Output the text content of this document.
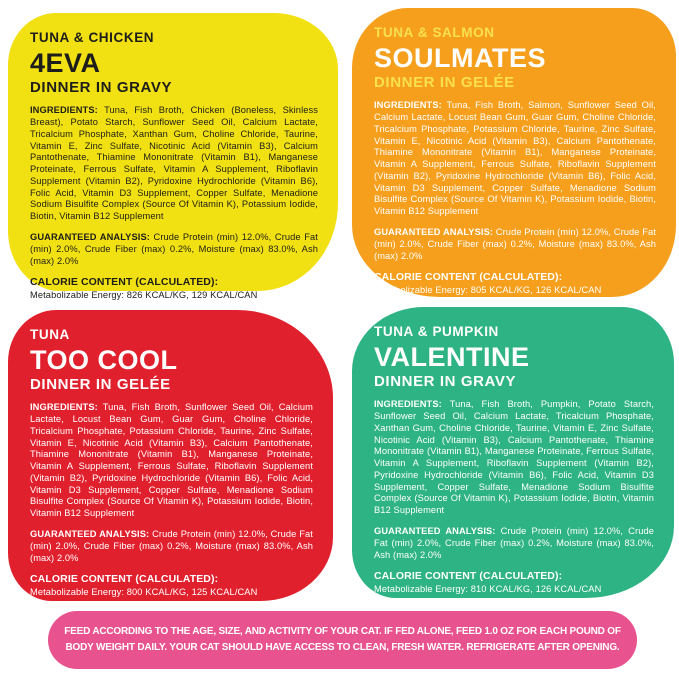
TUNA & CHICKEN
4EVA
DINNER IN GRAVY

INGREDIENTS: Tuna, Fish Broth, Chicken (Boneless, Skinless Breast), Potato Starch, Sunflower Seed Oil, Calcium Lactate, Tricalcium Phosphate, Xanthan Gum, Choline Chloride, Taurine, Vitamin E, Zinc Sulfate, Nicotinic Acid (Vitamin B3), Calcium Pantothenate, Thiamine Mononitrate (Vitamin B1), Manganese Proteinate, Ferrous Sulfate, Vitamin A Supplement, Riboflavin Supplement (Vitamin B2), Pyridoxine Hydrochloride (Vitamin B6), Folic Acid, Vitamin D3 Supplement, Copper Sulfate, Menadione Sodium Bisulfite Complex (Source Of Vitamin K), Potassium Iodide, Biotin, Vitamin B12 Supplement

GUARANTEED ANALYSIS: Crude Protein (min) 12.0%, Crude Fat (min) 2.0%, Crude Fiber (max) 0.2%, Moisture (max) 83.0%, Ash (max) 2.0%

CALORIE CONTENT (CALCULATED):
Metabolizable Energy: 826 KCAL/KG, 129 KCAL/CAN

TUNA & SALMON
SOULMATES
DINNER IN GELÉE

INGREDIENTS: Tuna, Fish Broth, Salmon, Sunflower Seed Oil, Calcium Lactate, Locust Bean Gum, Guar Gum, Choline Chloride, Tricalcium Phosphate, Potassium Chloride, Taurine, Zinc Sulfate, Vitamin E, Nicotinic Acid (Vitamin B3), Calcium Pantothenate, Thiamine Mononitrate (Vitamin B1), Manganese Proteinate, Vitamin A Supplement, Ferrous Sulfate, Riboflavin Supplement (Vitamin B2), Pyridoxine Hydrochloride (Vitamin B6), Folic Acid, Vitamin D3 Supplement, Copper Sulfate, Menadione Sodium Bisulfite Complex (Source Of Vitamin K), Potassium Iodide, Biotin, Vitamin B12 Supplement

GUARANTEED ANALYSIS: Crude Protein (min) 12.0%, Crude Fat (min) 2.0%, Crude Fiber (max) 0.2%, Moisture (max) 83.0%, Ash (max) 2.0%

CALORIE CONTENT (CALCULATED):
Metabolizable Energy: 805 KCAL/KG, 126 KCAL/CAN

TUNA
TOO COOL
DINNER IN GELÉE

INGREDIENTS: Tuna, Fish Broth, Sunflower Seed Oil, Calcium Lactate, Locust Bean Gum, Guar Gum, Choline Chloride, Tricalcium Phosphate, Potassium Chloride, Taurine, Zinc Sulfate, Vitamin E, Nicotinic Acid (Vitamin B3), Calcium Pantothenate, Thiamine Mononitrate (Vitamin B1), Manganese Proteinate, Vitamin A Supplement, Ferrous Sulfate, Riboflavin Supplement (Vitamin B2), Pyridoxine Hydrochloride (Vitamin B6), Folic Acid, Vitamin D3 Supplement, Copper Sulfate, Menadione Sodium Bisulfite Complex (Source Of Vitamin K), Potassium Iodide, Biotin, Vitamin B12 Supplement

GUARANTEED ANALYSIS: Crude Protein (min) 12.0%, Crude Fat (min) 2.0%, Crude Fiber (max) 0.2%, Moisture (max) 83.0%, Ash (max) 2.0%

CALORIE CONTENT (CALCULATED):
Metabolizable Energy: 800 KCAL/KG, 125 KCAL/CAN

TUNA & PUMPKIN
VALENTINE
DINNER IN GRAVY

INGREDIENTS: Tuna, Fish Broth, Pumpkin, Potato Starch, Sunflower Seed Oil, Calcium Lactate, Tricalcium Phosphate, Xanthan Gum, Choline Chloride, Taurine, Vitamin E, Zinc Sulfate, Nicotinic Acid (Vitamin B3), Calcium Pantothenate, Thiamine Mononitrate (Vitamin B1), Manganese Proteinate, Ferrous Sulfate, Vitamin A Supplement, Riboflavin Supplement (Vitamin B2), Pyridoxine Hydrochloride (Vitamin B6), Folic Acid, Vitamin D3 Supplement, Copper Sulfate, Menadione Sodium Bisulfite Complex (Source Of Vitamin K), Potassium Iodide, Biotin, Vitamin B12 Supplement

GUARANTEED ANALYSIS: Crude Protein (min) 12.0%, Crude Fat (min) 2.0%, Crude Fiber (max) 0.2%, Moisture (max) 83.0%, Ash (max) 2.0%

CALORIE CONTENT (CALCULATED):
Metabolizable Energy: 810 KCAL/KG, 126 KCAL/CAN

FEED ACCORDING TO THE AGE, SIZE, AND ACTIVITY OF YOUR CAT. IF FED ALONE, FEED 1.0 OZ FOR EACH POUND OF BODY WEIGHT DAILY. YOUR CAT SHOULD HAVE ACCESS TO CLEAN, FRESH WATER. REFRIGERATE AFTER OPENING.
